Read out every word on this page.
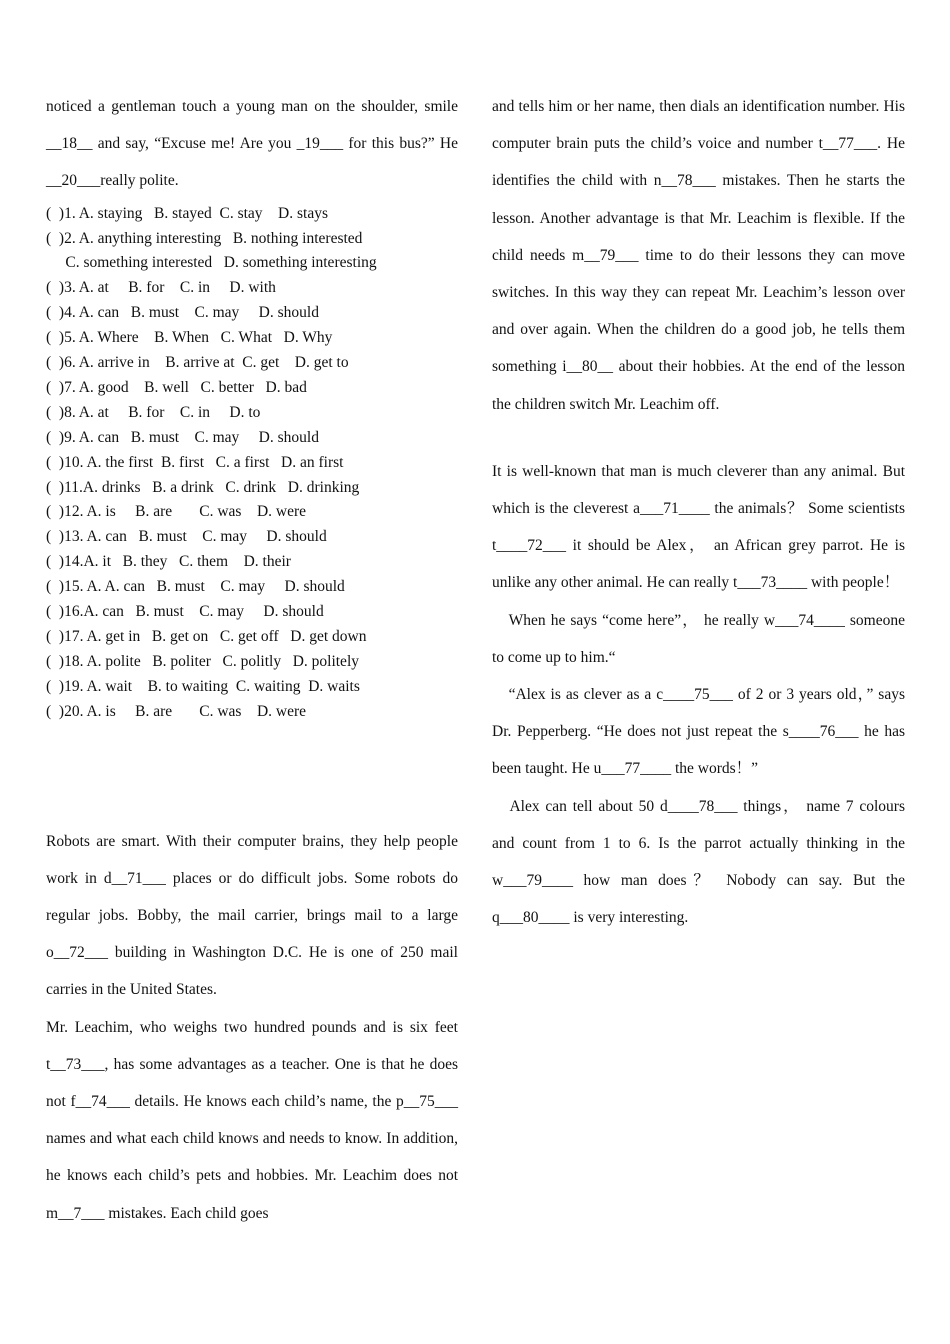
noticed a gentleman touch a young man on the shoulder, smile __18__ and say, “Excuse me! Are you _19___ for this bus?” He __20___really polite.

(  )1. A. staying   B. stayed  C. stay    D. stays

(  )2. A. anything interesting   B. nothing interested

C. something interested   D. something interesting

(  )3. A. at     B. for    C. in     D. with

(  )4. A. can   B. must    C. may     D. should

(  )5. A. Where    B. When   C. What   D. Why

(  )6. A. arrive in    B. arrive at  C. get    D. get to

(  )7. A. good    B. well   C. better   D. bad

(  )8. A. at     B. for    C. in     D. to

(  )9. A. can   B. must    C. may     D. should

(  )10. A. the first  B. first   C. a first   D. an first

(  )11.A. drinks   B. a drink   C. drink   D. drinking

(  )12. A. is     B. are       C. was    D. were

(  )13. A. can   B. must    C. may     D. should

(  )14.A. it   B. they   C. them    D. their

(  )15. A. A. can   B. must    C. may     D. should

(  )16.A. can   B. must    C. may     D. should

(  )17. A. get in   B. get on   C. get off   D. get down

(  )18. A. polite   B. politer   C. politly   D. politely

(  )19. A. wait    B. to waiting  C. waiting  D. waits

(  )20. A. is     B. are       C. was    D. were

Robots are smart. With their computer brains, they help people work in d__71___ places or do difficult jobs. Some robots do regular jobs. Bobby, the mail carrier, brings mail to a large o__72___ building in Washington D.C. He is one of 250 mail carries in the United States.

Mr. Leachim, who weighs two hundred pounds and is six feet t__73___, has some advantages as a teacher. One is that he does not f__74___ details. He knows each child’s name, the p__75___ names and what each child knows and needs to know. In addition, he knows each child’s pets and hobbies. Mr. Leachim does not m__7___ mistakes. Each child goes

and tells him or her name, then dials an identification number. His computer brain puts the child’s voice and number t__77___. He identifies the child with n__78___ mistakes. Then he starts the lesson. Another advantage is that Mr. Leachim is flexible. If the child needs m__79___ time to do their lessons they can move switches. In this way they can repeat Mr. Leachim’s lesson over and over again. When the children do a good job, he tells them something i__80__ about their hobbies. At the end of the lesson the children switch Mr. Leachim off.

It is well-known that man is much cleverer than any animal. But which is the cleverest a___71____ the animals？ Some scientists t____72___ it should be Alex， an African grey parrot. He is unlike any other animal. He can really t___73____ with people！

　When he says “come here”， he really w___74____ someone to come up to him.“

　“Alex is as clever as a c____75___ of 2 or 3 years old，” says Dr. Pepperberg. “He does not just repeat the s____76___ he has been taught. He u___77____ the words！”

　Alex can tell about 50 d____78___ things， name 7 colours and count from 1 to 6. Is the parrot actually thinking in the w___79____ how man does？ Nobody can say. But the q___80____ is very interesting.
